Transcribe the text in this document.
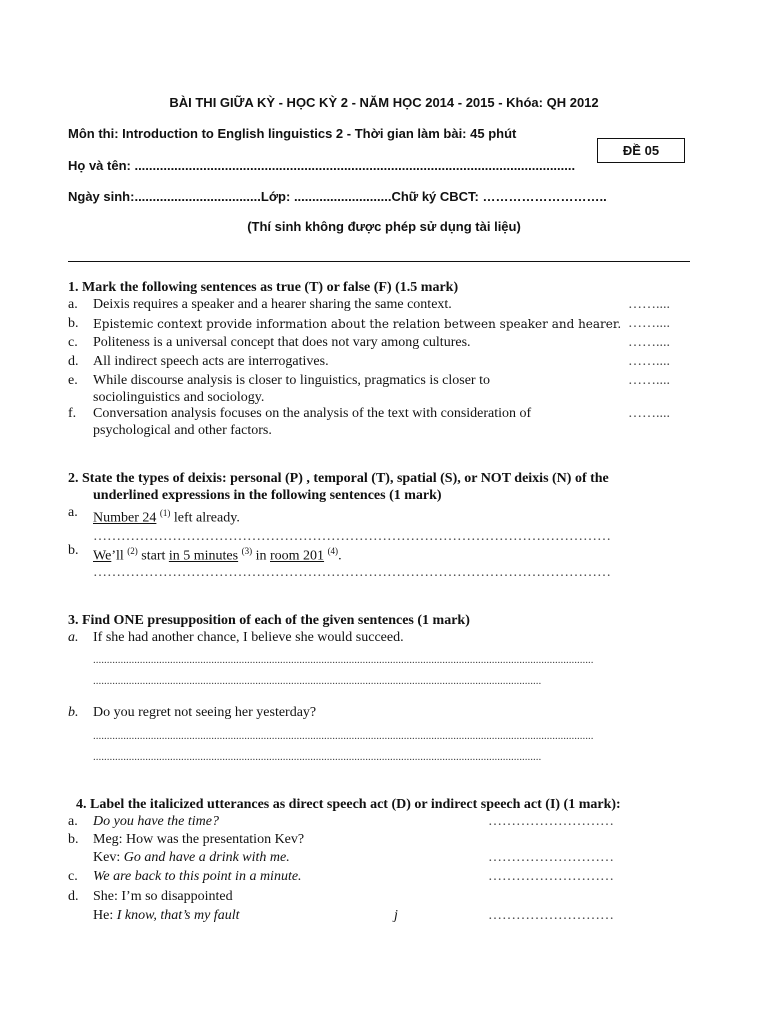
BÀI THI GIỮA KỲ - HỌC KỲ 2 - NĂM HỌC 2014 - 2015 - Khóa: QH 2012
Môn thi: Introduction to English linguistics 2 - Thời gian làm bài: 45 phút
ĐỀ 05
Họ và tên: ..........................................................................................................................
Ngày sinh:...................................Lớp: ...........................Chữ ký CBCT: ………………………..
(Thí sinh không được phép sử dụng tài liệu)
1. Mark the following sentences as true (T) or false (F) (1.5 mark)
a. Deixis requires a speaker and a hearer sharing the same context.	……....
b. Epistemic context provide information about the relation between speaker and hearer. ……....
c. Politeness is a universal concept that does not vary among cultures.	……....
d. All indirect speech acts are interrogatives.	……....
e. While discourse analysis is closer to linguistics, pragmatics is closer to
sociolinguistics and sociology.
……....
f. Conversation analysis focuses on the analysis of the text with consideration of
psychological and other factors.
……....
2. State the types of deixis: personal (P) , temporal (T), spatial (S), or NOT deixis (N) of the
underlined expressions in the following sentences (1 mark)
a. Number 24 $^{(1)}$ left already.
…………………………………………………………………………………………………
b. We’ll $^{(2)}$ start in 5 minutes $^{(3)}$ in room 201 $^{(4)}$.
…………………………………………………………………………………………………
3. Find ONE presupposition of each of the given sentences (1 mark)
a. If she had another chance, I believe she would succeed.
......................................................................................................................................................................................
...................................................................................................................................................................
b. Do you regret not seeing her yesterday?
......................................................................................................................................................................................
...................................................................................................................................................................
4. Label the italicized utterances as direct speech act (D) or indirect speech act (I) (1 mark):
a. Do you have the time?	………………………
b. Meg: How was the presentation Kev?
Kev: Go and have a drink with me.	………………………
c. We are back to this point in a minute.	………………………
d. She: I’m so disappointed
He: I know, that’s my fault	j	………………………
